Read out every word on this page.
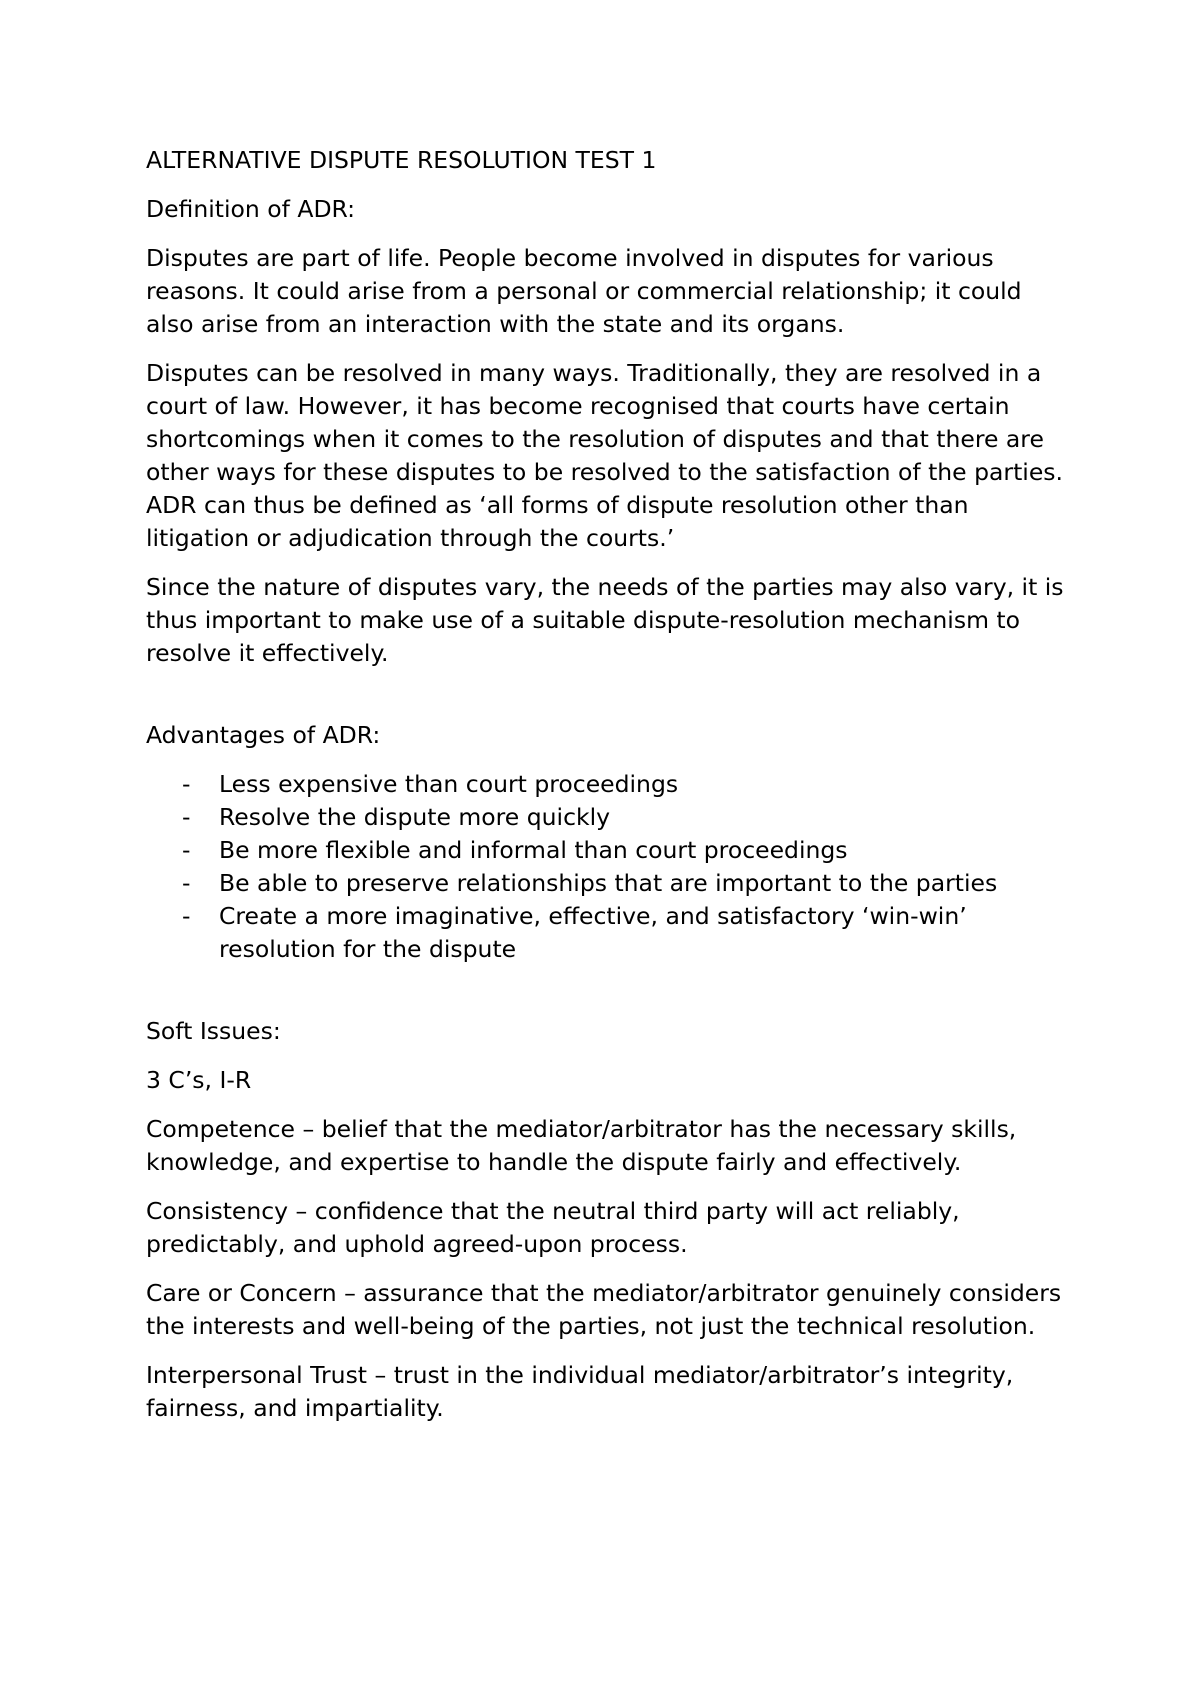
ALTERNATIVE DISPUTE RESOLUTION TEST 1

Definition of ADR:

Disputes are part of life. People become involved in disputes for various reasons. It could arise from a personal or commercial relationship; it could also arise from an interaction with the state and its organs.

Disputes can be resolved in many ways. Traditionally, they are resolved in a court of law. However, it has become recognised that courts have certain shortcomings when it comes to the resolution of disputes and that there are other ways for these disputes to be resolved to the satisfaction of the parties. ADR can thus be defined as ‘all forms of dispute resolution other than litigation or adjudication through the courts.’

Since the nature of disputes vary, the needs of the parties may also vary, it is thus important to make use of a suitable dispute-resolution mechanism to resolve it effectively.

Advantages of ADR:

- Less expensive than court proceedings
- Resolve the dispute more quickly
- Be more flexible and informal than court proceedings
- Be able to preserve relationships that are important to the parties
- Create a more imaginative, effective, and satisfactory ‘win-win’ resolution for the dispute

Soft Issues:

3 C’s, I-R

Competence – belief that the mediator/arbitrator has the necessary skills, knowledge, and expertise to handle the dispute fairly and effectively.

Consistency – confidence that the neutral third party will act reliably, predictably, and uphold agreed-upon process.

Care or Concern – assurance that the mediator/arbitrator genuinely considers the interests and well-being of the parties, not just the technical resolution.

Interpersonal Trust – trust in the individual mediator/arbitrator’s integrity, fairness, and impartiality.
